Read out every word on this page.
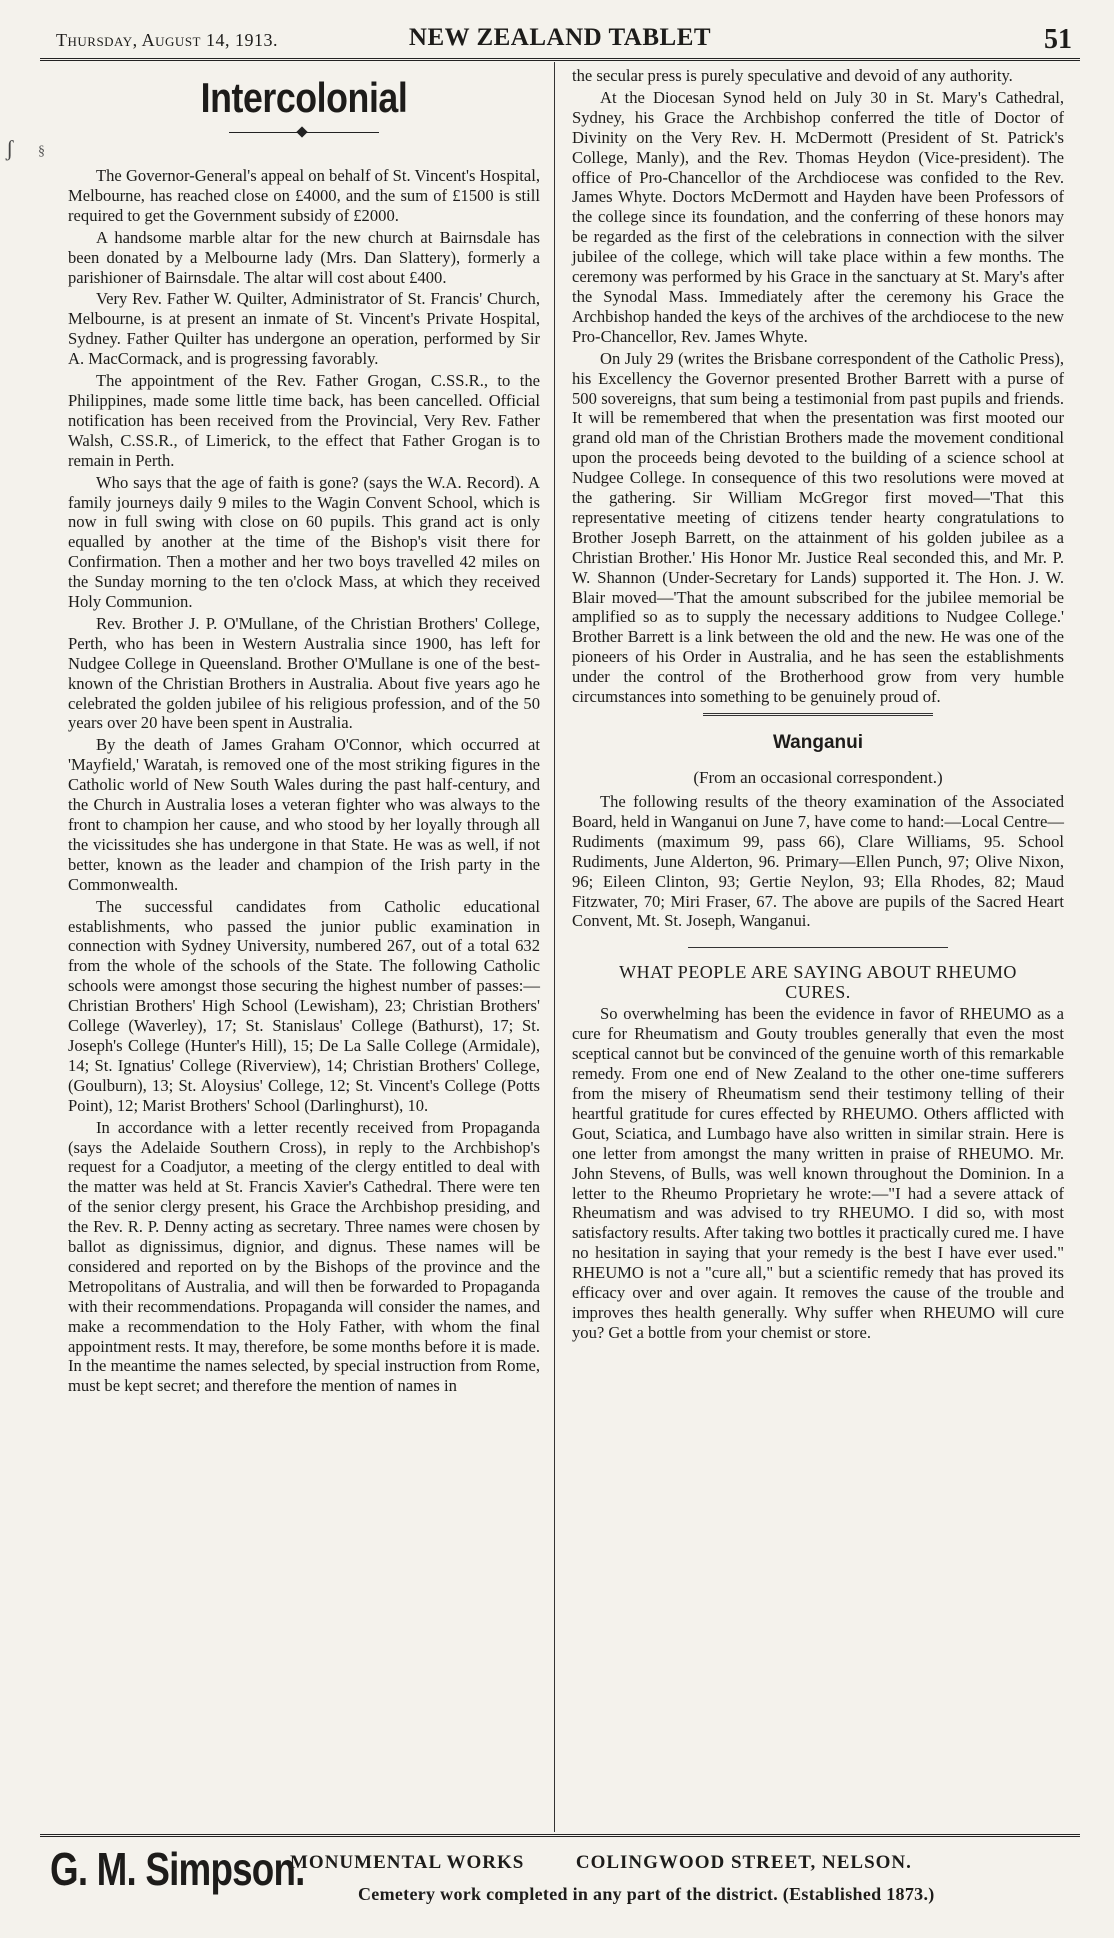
Thursday, August 14, 1913.	NEW ZEALAND TABLET	51
ʃ §
Intercolonial

The Governor-General's appeal on behalf of St. Vincent's Hospital, Melbourne, has reached close on £4000, and the sum of £1500 is still required to get the Government subsidy of £2000.

A handsome marble altar for the new church at Bairnsdale has been donated by a Melbourne lady (Mrs. Dan Slattery), formerly a parishioner of Bairnsdale. The altar will cost about £400.

Very Rev. Father W. Quilter, Administrator of St. Francis' Church, Melbourne, is at present an inmate of St. Vincent's Private Hospital, Sydney. Father Quilter has undergone an operation, performed by Sir A. MacCormack, and is progressing favorably.

The appointment of the Rev. Father Grogan, C.SS.R., to the Philippines, made some little time back, has been cancelled. Official notification has been received from the Provincial, Very Rev. Father Walsh, C.SS.R., of Limerick, to the effect that Father Grogan is to remain in Perth.

Who says that the age of faith is gone? (says the W.A. Record). A family journeys daily 9 miles to the Wagin Convent School, which is now in full swing with close on 60 pupils. This grand act is only equalled by another at the time of the Bishop's visit there for Confirmation. Then a mother and her two boys travelled 42 miles on the Sunday morning to the ten o'clock Mass, at which they received Holy Communion.

Rev. Brother J. P. O'Mullane, of the Christian Brothers' College, Perth, who has been in Western Australia since 1900, has left for Nudgee College in Queensland. Brother O'Mullane is one of the best-known of the Christian Brothers in Australia. About five years ago he celebrated the golden jubilee of his religious profession, and of the 50 years over 20 have been spent in Australia.

By the death of James Graham O'Connor, which occurred at 'Mayfield,' Waratah, is removed one of the most striking figures in the Catholic world of New South Wales during the past half-century, and the Church in Australia loses a veteran fighter who was always to the front to champion her cause, and who stood by her loyally through all the vicissitudes she has undergone in that State. He was as well, if not better, known as the leader and champion of the Irish party in the Commonwealth.

The successful candidates from Catholic educational establishments, who passed the junior public examination in connection with Sydney University, numbered 267, out of a total 632 from the whole of the schools of the State. The following Catholic schools were amongst those securing the highest number of passes:—Christian Brothers' High School (Lewisham), 23; Christian Brothers' College (Waverley), 17; St. Stanislaus' College (Bathurst), 17; St. Joseph's College (Hunter's Hill), 15; De La Salle College (Armidale), 14; St. Ignatius' College (Riverview), 14; Christian Brothers' College, (Goulburn), 13; St. Aloysius' College, 12; St. Vincent's College (Potts Point), 12; Marist Brothers' School (Darlinghurst), 10.

In accordance with a letter recently received from Propaganda (says the Adelaide Southern Cross), in reply to the Archbishop's request for a Coadjutor, a meeting of the clergy entitled to deal with the matter was held at St. Francis Xavier's Cathedral. There were ten of the senior clergy present, his Grace the Archbishop presiding, and the Rev. R. P. Denny acting as secretary. Three names were chosen by ballot as dignissimus, dignior, and dignus. These names will be considered and reported on by the Bishops of the province and the Metropolitans of Australia, and will then be forwarded to Propaganda with their recommendations. Propaganda will consider the names, and make a recommendation to the Holy Father, with whom the final appointment rests. It may, therefore, be some months before it is made. In the meantime the names selected, by special instruction from Rome, must be kept secret; and therefore the mention of names in

the secular press is purely speculative and devoid of any authority.

At the Diocesan Synod held on July 30 in St. Mary's Cathedral, Sydney, his Grace the Archbishop conferred the title of Doctor of Divinity on the Very Rev. H. McDermott (President of St. Patrick's College, Manly), and the Rev. Thomas Heydon (Vice-president). The office of Pro-Chancellor of the Archdiocese was confided to the Rev. James Whyte. Doctors McDermott and Hayden have been Professors of the college since its foundation, and the conferring of these honors may be regarded as the first of the celebrations in connection with the silver jubilee of the college, which will take place within a few months. The ceremony was performed by his Grace in the sanctuary at St. Mary's after the Synodal Mass. Immediately after the ceremony his Grace the Archbishop handed the keys of the archives of the archdiocese to the new Pro-Chancellor, Rev. James Whyte.

On July 29 (writes the Brisbane correspondent of the Catholic Press), his Excellency the Governor presented Brother Barrett with a purse of 500 sovereigns, that sum being a testimonial from past pupils and friends. It will be remembered that when the presentation was first mooted our grand old man of the Christian Brothers made the movement conditional upon the proceeds being devoted to the building of a science school at Nudgee College. In consequence of this two resolutions were moved at the gathering. Sir William McGregor first moved—'That this representative meeting of citizens tender hearty congratulations to Brother Joseph Barrett, on the attainment of his golden jubilee as a Christian Brother.' His Honor Mr. Justice Real seconded this, and Mr. P. W. Shannon (Under-Secretary for Lands) supported it. The Hon. J. W. Blair moved—'That the amount subscribed for the jubilee memorial be amplified so as to supply the necessary additions to Nudgee College.' Brother Barrett is a link between the old and the new. He was one of the pioneers of his Order in Australia, and he has seen the establishments under the control of the Brotherhood grow from very humble circumstances into something to be genuinely proud of.

Wanganui
(From an occasional correspondent.)

The following results of the theory examination of the Associated Board, held in Wanganui on June 7, have come to hand:—Local Centre—Rudiments (maximum 99, pass 66), Clare Williams, 95. School Rudiments, June Alderton, 96. Primary—Ellen Punch, 97; Olive Nixon, 96; Eileen Clinton, 93; Gertie Neylon, 93; Ella Rhodes, 82; Maud Fitzwater, 70; Miri Fraser, 67. The above are pupils of the Sacred Heart Convent, Mt. St. Joseph, Wanganui.

WHAT PEOPLE ARE SAYING ABOUT RHEUMO
CURES.

So overwhelming has been the evidence in favor of RHEUMO as a cure for Rheumatism and Gouty troubles generally that even the most sceptical cannot but be convinced of the genuine worth of this remarkable remedy. From one end of New Zealand to the other one-time sufferers from the misery of Rheumatism send their testimony telling of their heartful gratitude for cures effected by RHEUMO. Others afflicted with Gout, Sciatica, and Lumbago have also written in similar strain. Here is one letter from amongst the many written in praise of RHEUMO. Mr. John Stevens, of Bulls, was well known throughout the Dominion. In a letter to the Rheumo Proprietary he wrote:—"I had a severe attack of Rheumatism and was advised to try RHEUMO. I did so, with most satisfactory results. After taking two bottles it practically cured me. I have no hesitation in saying that your remedy is the best I have ever used." RHEUMO is not a "cure all," but a scientific remedy that has proved its efficacy over and over again. It removes the cause of the trouble and improves thes health generally. Why suffer when RHEUMO will cure you? Get a bottle from your chemist or store.

G. M. Simpson.
MONUMENTAL WORKS	COLINGWOOD STREET, NELSON.
Cemetery work completed in any part of the district. (Established 1873.)
